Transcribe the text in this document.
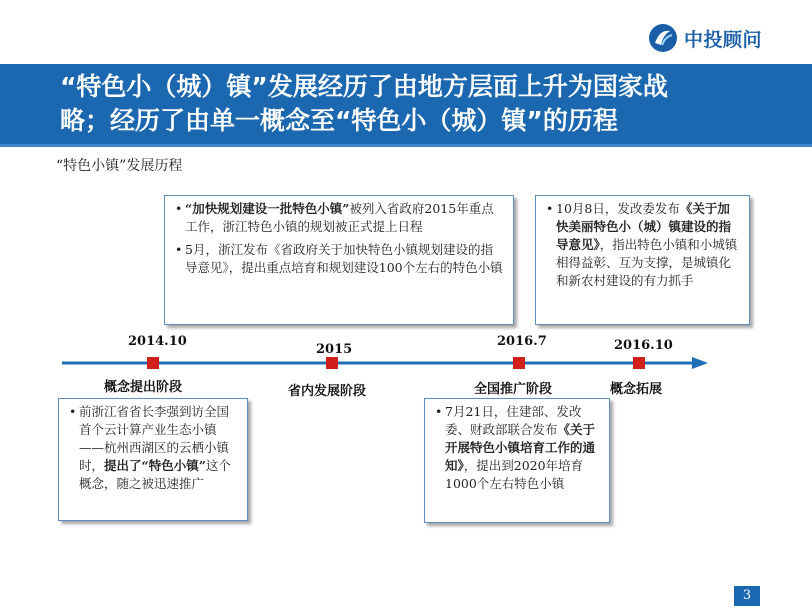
中投顾问
“特色小（城）镇”发展经历了由地方层面上升为国家战
略；经历了由单一概念至“特色小（城）镇”的历程
“特色小镇”发展历程

• “加快规划建设一批特色小镇”被列入省政府2015年重点工作，浙江特色小镇的规划被正式提上日程

• 5月，浙江发布《省政府关于加快特色小镇规划建设的指导意见》，提出重点培育和规划建设100个左右的特色小镇

• 10月8日，发改委发布《关于加快美丽特色小（城）镇建设的指导意见》，指出特色小镇和小城镇相得益彰、互为支撑，是城镇化和新农村建设的有力抓手

2014.10
2015
2016.7	2016.10
概念提出阶段	省内发展阶段	全国推广阶段	概念拓展

• 前浙江省省长李强到访全国首个云计算产业生态小镇——杭州西湖区的云栖小镇时，提出了“特色小镇”这个概念，随之被迅速推广

• 7月21日，住建部、发改委、财政部联合发布《关于开展特色小镇培育工作的通知》，提出到2020年培育1000个左右特色小镇

3
